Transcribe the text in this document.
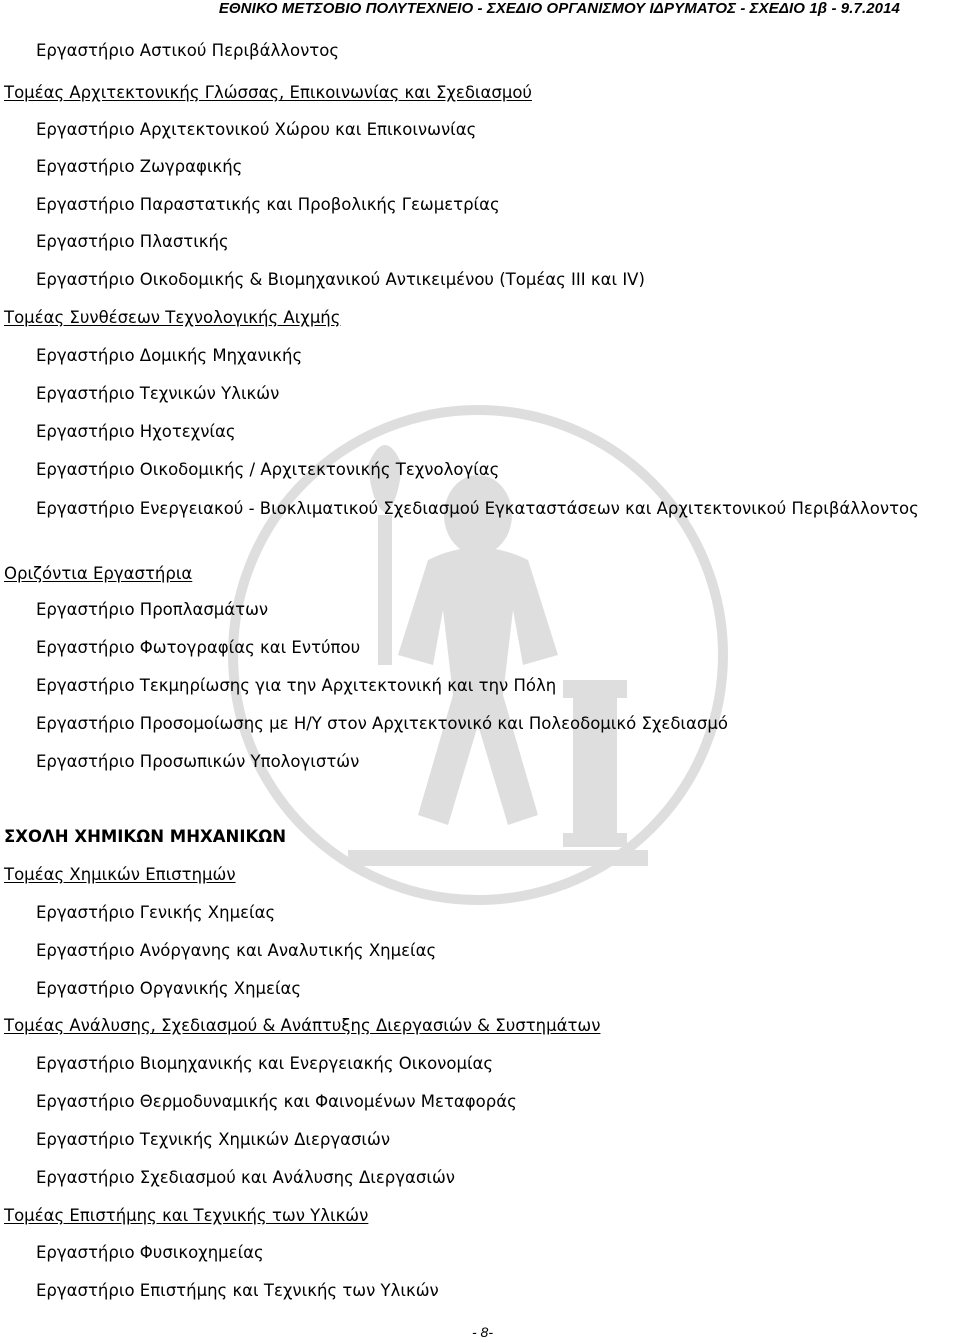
ΕΘΝΙΚΟ ΜΕΤΣΟΒΙΟ ΠΟΛΥΤΕΧΝΕΙΟ - ΣΧΕΔΙΟ ΟΡΓΑΝΙΣΜΟΥ ΙΔΡΥΜΑΤΟΣ - ΣΧΕΔΙΟ 1β - 9.7.2014
Εργαστήριο Αστικού Περιβάλλοντος
Τομέας Αρχιτεκτονικής Γλώσσας, Επικοινωνίας και Σχεδιασμού
Εργαστήριο Αρχιτεκτονικού Χώρου και Επικοινωνίας
Εργαστήριο Ζωγραφικής
Εργαστήριο Παραστατικής και Προβολικής Γεωμετρίας
Εργαστήριο Πλαστικής
Εργαστήριο Οικοδομικής & Βιομηχανικού Αντικειμένου (Τομέας ΙΙΙ και IV)
Τομέας Συνθέσεων Τεχνολογικής Αιχμής
Εργαστήριο Δομικής Μηχανικής
Εργαστήριο Τεχνικών Υλικών
Εργαστήριο Ηχοτεχνίας
Εργαστήριο Οικοδομικής / Αρχιτεκτονικής Τεχνολογίας
Εργαστήριο Ενεργειακού - Βιοκλιματικού Σχεδιασμού Εγκαταστάσεων και Αρχιτεκτονικού Περιβάλλοντος
Οριζόντια Εργαστήρια
Εργαστήριο Προπλασμάτων
Εργαστήριο Φωτογραφίας και Εντύπου
Εργαστήριο Τεκμηρίωσης για την Αρχιτεκτονική και την Πόλη
Εργαστήριο Προσομοίωσης με Η/Υ στον Αρχιτεκτονικό και Πολεοδομικό Σχεδιασμό
Εργαστήριο Προσωπικών Υπολογιστών
ΣΧΟΛΗ ΧΗΜΙΚΩΝ ΜΗΧΑΝΙΚΩΝ
Τομέας Χημικών Επιστημών
Εργαστήριο Γενικής Χημείας
Εργαστήριο Ανόργανης και Αναλυτικής Χημείας
Εργαστήριο Οργανικής Χημείας
Τομέας Ανάλυσης, Σχεδιασμού & Ανάπτυξης Διεργασιών & Συστημάτων
Εργαστήριο Βιομηχανικής και Ενεργειακής Οικονομίας
Εργαστήριο Θερμοδυναμικής και Φαινομένων Μεταφοράς
Εργαστήριο Τεχνικής Χημικών Διεργασιών
Εργαστήριο Σχεδιασμού και Ανάλυσης Διεργασιών
Τομέας Επιστήμης και Τεχνικής των Υλικών
Εργαστήριο Φυσικοχημείας
Εργαστήριο Επιστήμης και Τεχνικής των Υλικών
- 8-
